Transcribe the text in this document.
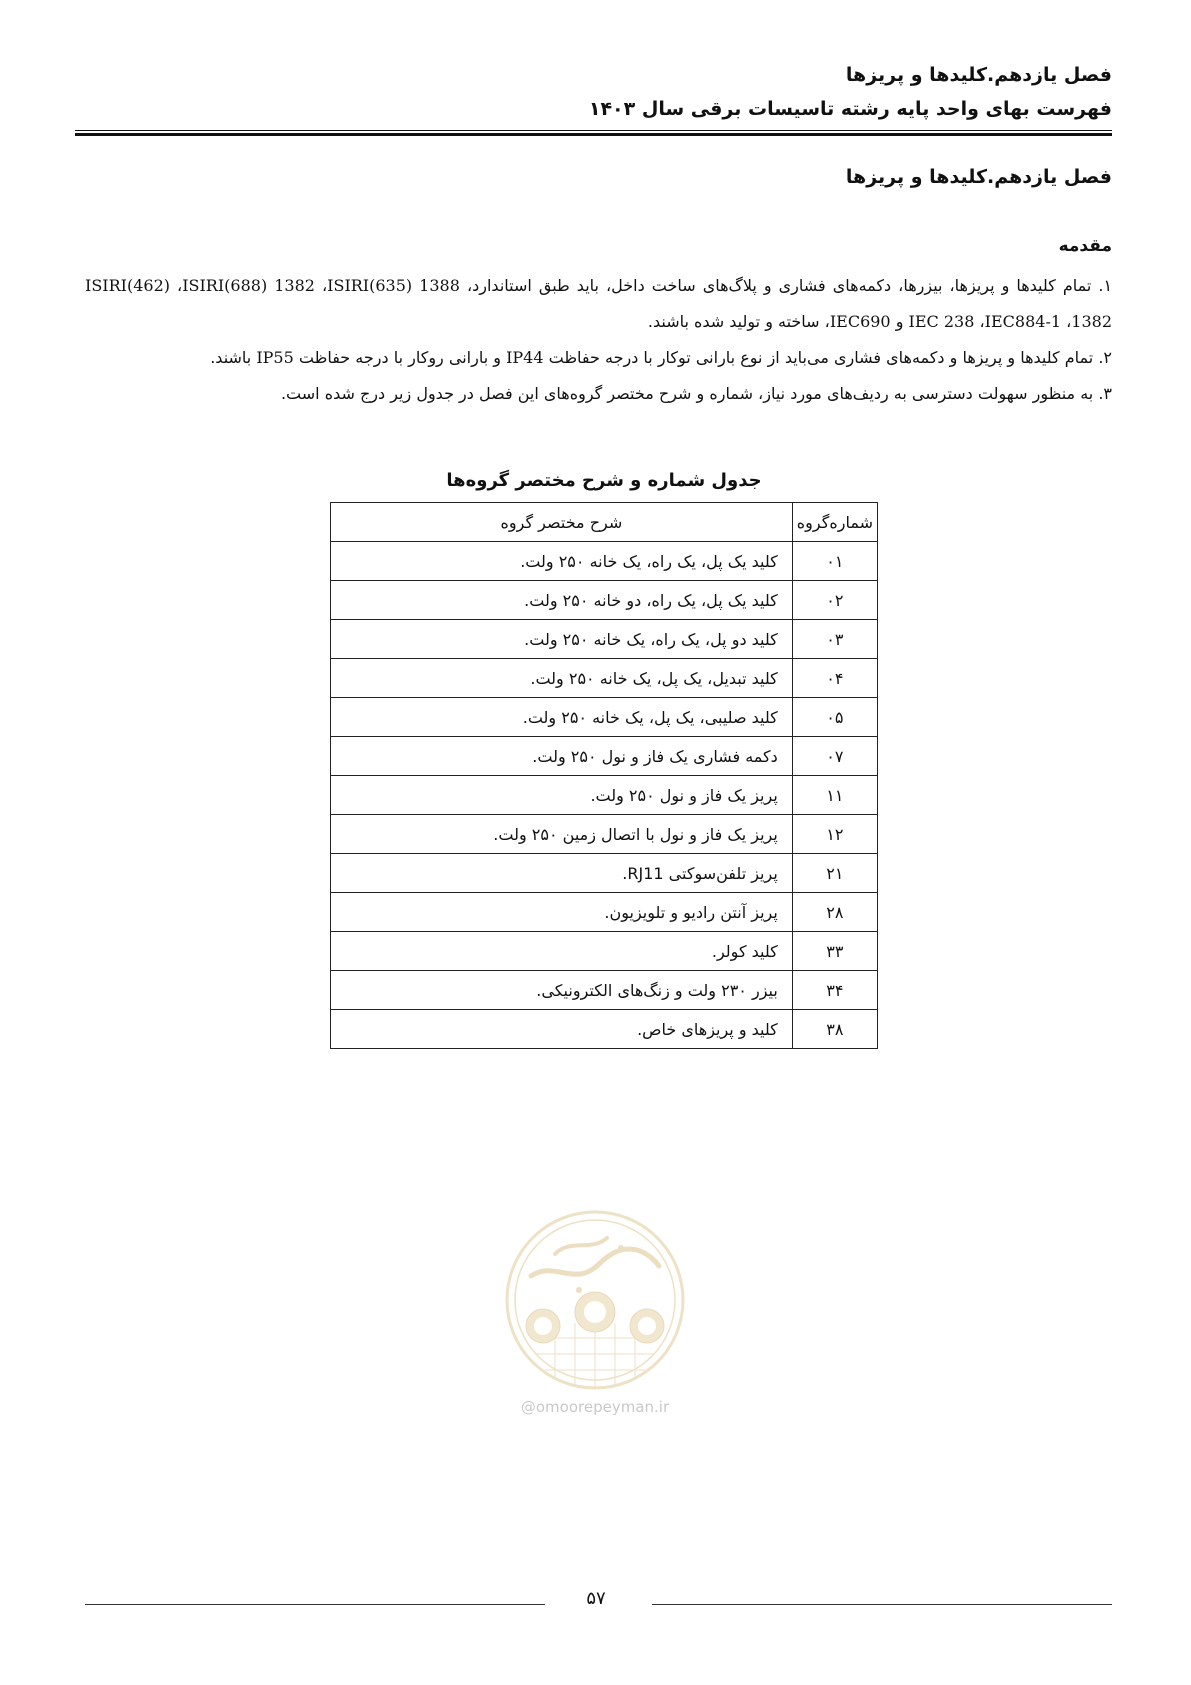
فصل یازدهم.کلیدها و پریزها
فهرست بهای واحد پایه رشته تاسیسات برقی سال ۱۴۰۳
فصل یازدهم.کلیدها و پریزها
مقدمه

۱. تمام کلیدها و پریزها، بیزرها، دکمه‌های فشاری و پلاگ‌های ساخت داخل، باید طبق استاندارد، ISIRI(635) 1388، ISIRI(688) 1382، ISIRI(462) 1382، IEC884-1، IEC 238 و IEC690، ساخته و تولید شده باشند.

۲. تمام کلیدها و پریزها و دکمه‌های فشاری می‌باید از نوع بارانی توکار با درجه حفاظت IP44 و بارانی روکار با درجه حفاظت IP55 باشند.

۳. به منظور سهولت دسترسی به ردیف‌های مورد نیاز، شماره و شرح مختصر گروه‌های این فصل در جدول زیر درج شده است.

جدول شماره و شرح مختصر گروه‌ها
شماره‌گروه	شرح مختصر گروه
۰۱	کلید یک پل، یک راه، یک خانه ۲۵۰ ولت.
۰۲	کلید یک پل، یک راه، دو خانه ۲۵۰ ولت.
۰۳	کلید دو پل، یک راه، یک خانه ۲۵۰ ولت.
۰۴	کلید تبدیل، یک پل، یک خانه ۲۵۰ ولت.
۰۵	کلید صلیبی، یک پل، یک خانه ۲۵۰ ولت.
۰۷	دکمه فشاری یک فاز و نول ۲۵۰ ولت.
۱۱	پریز یک فاز و نول ۲۵۰ ولت.
۱۲	پریز یک فاز و نول با اتصال زمین ۲۵۰ ولت.
۲۱	پریز تلفن‌سوکتی RJ11.
۲۸	پریز آنتن رادیو و تلویزیون.
۳۳	کلید کولر.
۳۴	بیزر ۲۳۰ ولت و زنگ‌های الکترونیکی.
۳۸	کلید و پریزهای خاص.
@omoorepeyman.ir
۵۷
